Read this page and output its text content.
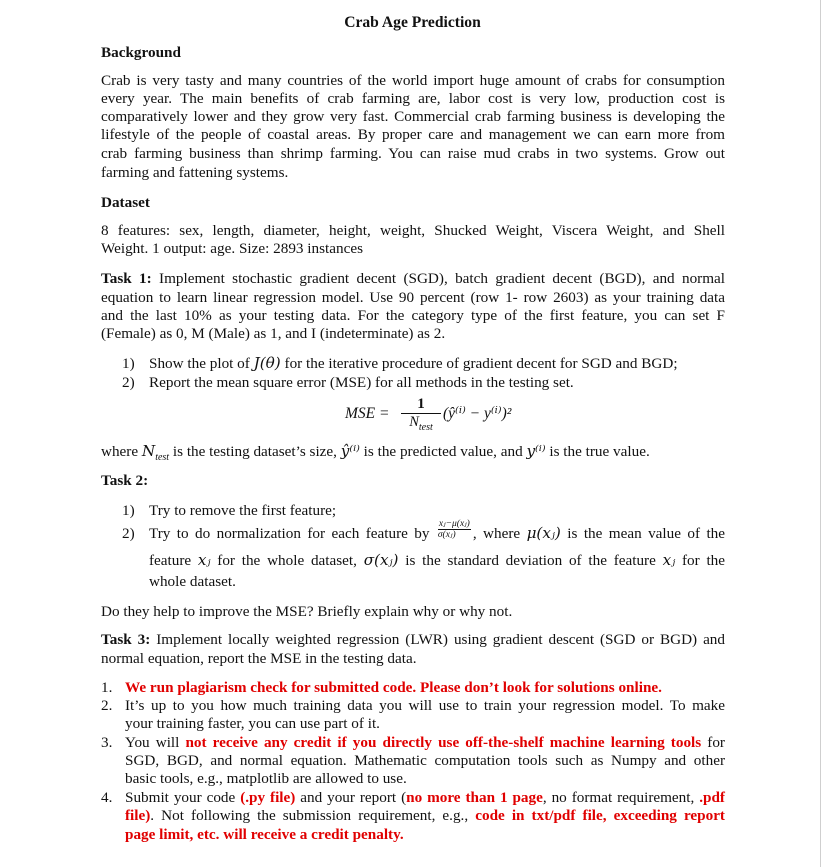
Crab Age Prediction
Background
Crab is very tasty and many countries of the world import huge amount of crabs for consumption
every year. The main benefits of crab farming are, labor cost is very low, production cost is
comparatively lower and they grow very fast. Commercial crab farming business is developing the
lifestyle of the people of coastal areas. By proper care and management we can earn more from
crab farming business than shrimp farming. You can raise mud crabs in two systems. Grow out
farming and fattening systems.
Dataset
8 features: sex, length, diameter, height, weight, Shucked Weight, Viscera Weight, and Shell
Weight. 1 output: age. Size: 2893 instances
Task 1: Implement stochastic gradient decent (SGD), batch gradient decent (BGD), and normal
equation to learn linear regression model. Use 90 percent (row 1- row 2603) as your training data
and the last 10% as your testing data. For the category type of the first feature, you can set F
(Female) as 0, M (Male) as 1, and I (indeterminate) as 2.
1) Show the plot of J(θ) for the iterative procedure of gradient decent for SGD and BGD;
2) Report the mean square error (MSE) for all methods in the testing set.
MSE =
1
$N_{test}$
(ŷ⁽ⁱ⁾ − y⁽ⁱ⁾)²
where $N_{test}$ is the testing dataset’s size, ŷ⁽ⁱ⁾ is the predicted value, and y⁽ⁱ⁾ is the true value.
Task 2:
1) Try to remove the first feature;
2) Try to do normalization for each feature by $\frac{\text{xⱼ−μ(xⱼ)}}{\text{σ(xⱼ)}}$ , where μ(xⱼ) is the mean value of the
feature xⱼ for the whole dataset, σ(xⱼ) is the standard deviation of the feature xⱼ for the
whole dataset.
Do they help to improve the MSE? Briefly explain why or why not.
Task 3: Implement locally weighted regression (LWR) using gradient descent (SGD or BGD) and
normal equation, report the MSE in the testing data.
1. We run plagiarism check for submitted code. Please don’t look for solutions online.
2. It’s up to you how much training data you will use to train your regression model. To make
your training faster, you can use part of it.
3. You will not receive any credit if you directly use off-the-shelf machine learning tools for
SGD, BGD, and normal equation. Mathematic computation tools such as Numpy and other
basic tools, e.g., matplotlib are allowed to use.
4. Submit your code (.py file) and your report (no more than 1 page, no format requirement, .pdf
file). Not following the submission requirement, e.g., code in txt/pdf file, exceeding report
page limit, etc. will receive a credit penalty.
